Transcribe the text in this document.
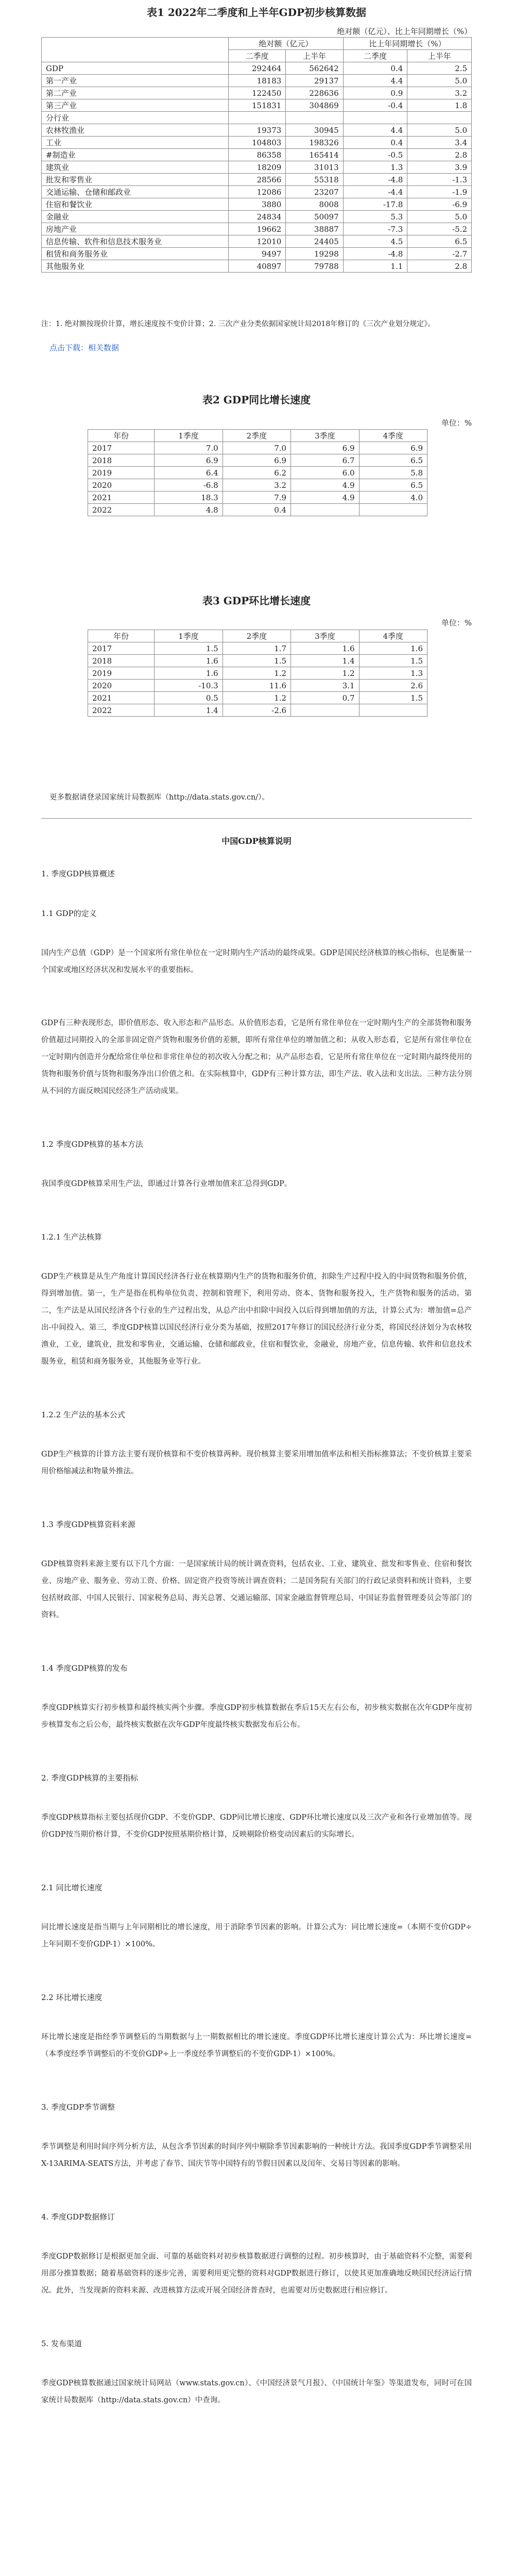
表1 2022年二季度和上半年GDP初步核算数据
绝对额（亿元）、比上年同期增长（%）
	绝对额（亿元）		比上年同期增长（%）	
	二季度	上半年	二季度	上半年
GDP	292464	562642	0.4	2.5
第一产业	18183	29137	4.4	5.0
第二产业	122450	228636	0.9	3.2
第三产业	151831	304869	-0.4	1.8
分行业				
农林牧渔业	19373	30945	4.4	5.0
工业	104803	198326	0.4	3.4
#制造业	86358	165414	-0.5	2.8
建筑业	18209	31013	1.3	3.9
批发和零售业	28566	55318	-4.8	-1.3
交通运输、仓储和邮政业	12086	23207	-4.4	-1.9
住宿和餐饮业	3880	8008	-17.8	-6.9
金融业	24834	50097	5.3	5.0
房地产业	19662	38887	-7.3	-5.2
信息传输、软件和信息技术服务业	12010	24405	4.5	6.5
租赁和商务服务业	9497	19298	-4.8	-2.7
其他服务业	40897	79788	1.1	2.8
注：1. 绝对额按现价计算，增长速度按不变价计算；2. 三次产业分类依据国家统计局2018年修订的《三次产业划分规定》。
点击下载：相关数据
表2 GDP同比增长速度
单位：%
年份	1季度	2季度	3季度	4季度
2017	7.0	7.0	6.9	6.9
2018	6.9	6.9	6.7	6.5
2019	6.4	6.2	6.0	5.8
2020	-6.8	3.2	4.9	6.5
2021	18.3	7.9	4.9	4.0
2022	4.8	0.4		
表3 GDP环比增长速度
单位：%
年份	1季度	2季度	3季度	4季度
2017	1.5	1.7	1.6	1.6
2018	1.6	1.5	1.4	1.5
2019	1.6	1.2	1.2	1.3
2020	-10.3	11.6	3.1	2.6
2021	0.5	1.2	0.7	1.5
2022	1.4	-2.6		
更多数据请登录国家统计局数据库（http://data.stats.gov.cn/）。
中国GDP核算说明
1. 季度GDP核算概述
1.1 GDP的定义
国内生产总值（GDP）是一个国家所有常住单位在一定时期内生产活动的最终成果。GDP是国民经济核算的核心指标，也是衡量一个国家或地区经济状况和发展水平的重要指标。
GDP有三种表现形态，即价值形态、收入形态和产品形态。从价值形态看，它是所有常住单位在一定时期内生产的全部货物和服务价值超过同期投入的全部非固定资产货物和服务价值的差额，即所有常住单位的增加值之和；从收入形态看，它是所有常住单位在一定时期内创造并分配给常住单位和非常住单位的初次收入分配之和；从产品形态看，它是所有常住单位在一定时期内最终使用的货物和服务价值与货物和服务净出口价值之和。在实际核算中，GDP有三种计算方法，即生产法、收入法和支出法。三种方法分别从不同的方面反映国民经济生产活动成果。
1.2 季度GDP核算的基本方法
我国季度GDP核算采用生产法，即通过计算各行业增加值来汇总得到GDP。
1.2.1 生产法核算
GDP生产核算是从生产角度计算国民经济各行业在核算期内生产的货物和服务价值，扣除生产过程中投入的中间货物和服务价值，得到增加值。第一，生产是指在机构单位负责、控制和管理下，利用劳动、资本、货物和服务投入，生产货物和服务的活动。第二，生产法是从国民经济各个行业的生产过程出发，从总产出中扣除中间投入以后得到增加值的方法，计算公式为：增加值=总产出-中间投入。第三，季度GDP核算以国民经济行业分类为基础，按照2017年修订的国民经济行业分类，将国民经济划分为农林牧渔业，工业，建筑业，批发和零售业，交通运输、仓储和邮政业，住宿和餐饮业，金融业，房地产业，信息传输、软件和信息技术服务业，租赁和商务服务业，其他服务业等行业。
1.2.2 生产法的基本公式
GDP生产核算的计算方法主要有现价核算和不变价核算两种。现价核算主要采用增加值率法和相关指标推算法；不变价核算主要采用价格缩减法和物量外推法。
1.3 季度GDP核算资料来源
GDP核算资料来源主要有以下几个方面：一是国家统计局的统计调查资料，包括农业、工业、建筑业、批发和零售业、住宿和餐饮业、房地产业、服务业、劳动工资、价格、固定资产投资等统计调查资料；二是国务院有关部门的行政记录资料和统计资料，主要包括财政部、中国人民银行、国家税务总局、海关总署、交通运输部、国家金融监督管理总局、中国证券监督管理委员会等部门的资料。
1.4 季度GDP核算的发布
季度GDP核算实行初步核算和最终核实两个步骤。季度GDP初步核算数据在季后15天左右公布，初步核实数据在次年GDP年度初步核算发布之后公布，最终核实数据在次年GDP年度最终核实数据发布后公布。
2. 季度GDP核算的主要指标
季度GDP核算指标主要包括现价GDP、不变价GDP、GDP同比增长速度、GDP环比增长速度以及三次产业和各行业增加值等。现价GDP按当期价格计算，不变价GDP按照基期价格计算，反映剔除价格变动因素后的实际增长。
2.1 同比增长速度
同比增长速度是指当期与上年同期相比的增长速度，用于消除季节因素的影响。计算公式为：同比增长速度=（本期不变价GDP÷上年同期不变价GDP-1）×100%。
2.2 环比增长速度
环比增长速度是指经季节调整后的当期数据与上一期数据相比的增长速度。季度GDP环比增长速度计算公式为：环比增长速度=（本季度经季节调整后的不变价GDP÷上一季度经季节调整后的不变价GDP-1）×100%。
3. 季度GDP季节调整
季节调整是利用时间序列分析方法，从包含季节因素的时间序列中剔除季节因素影响的一种统计方法。我国季度GDP季节调整采用X-13ARIMA-SEATS方法，并考虑了春节、国庆节等中国特有的节假日因素以及闰年、交易日等因素的影响。
4. 季度GDP数据修订
季度GDP数据修订是根据更加全面、可靠的基础资料对初步核算数据进行调整的过程。初步核算时，由于基础资料不完整，需要利用部分推算数据；随着基础资料的逐步完善，需要利用更完整的资料对GDP数据进行修订，以使其更加准确地反映国民经济运行情况。此外，当发现新的资料来源、改进核算方法或开展全国经济普查时，也需要对历史数据进行相应修订。
5. 发布渠道
季度GDP核算数据通过国家统计局网站（www.stats.gov.cn）、《中国经济景气月报》、《中国统计年鉴》等渠道发布，同时可在国家统计局数据库（http://data.stats.gov.cn）中查询。
